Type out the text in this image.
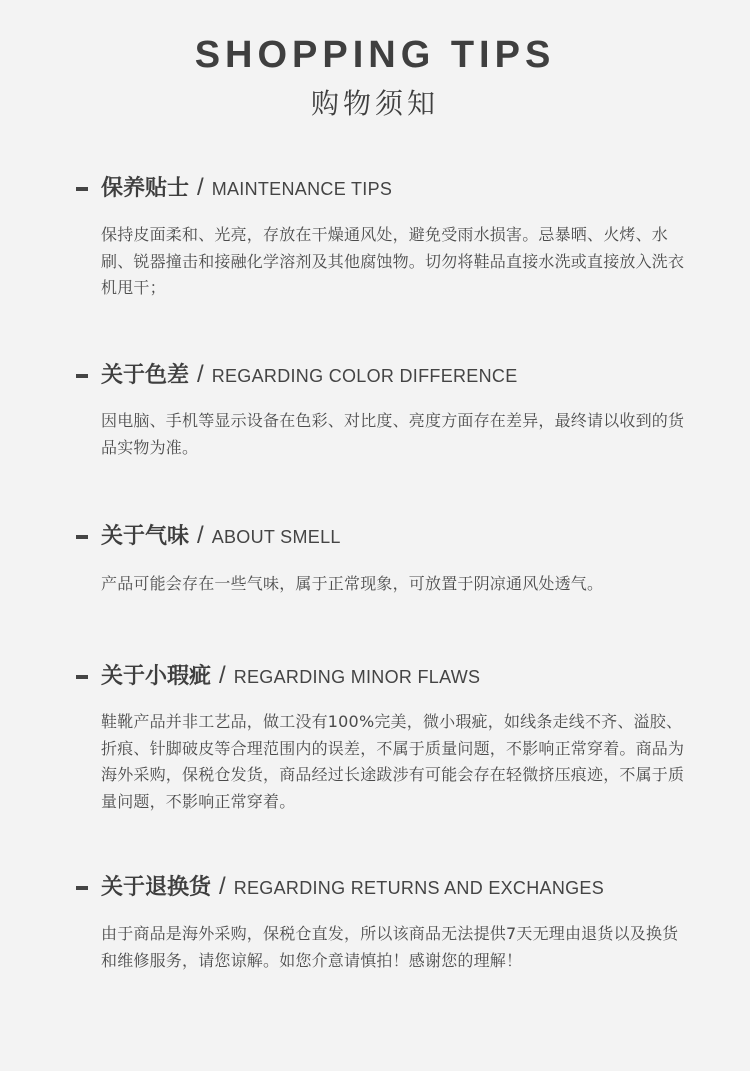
SHOPPING TIPS
购物须知
保养贴士 / MAINTENANCE TIPS
保持皮面柔和、光亮，存放在干燥通风处，避免受雨水损害。忌暴晒、火烤、水刷、锐器撞击和接融化学溶剂及其他腐蚀物。切勿将鞋品直接水洗或直接放入洗衣机甩干；
关于色差 / REGARDING COLOR DIFFERENCE
因电脑、手机等显示设备在色彩、对比度、亮度方面存在差异，最终请以收到的货品实物为准。
关于气味 / ABOUT SMELL
产品可能会存在一些气味，属于正常现象，可放置于阴凉通风处透气。
关于小瑕疵 / REGARDING MINOR FLAWS
鞋靴产品并非工艺品，做工没有100%完美，微小瑕疵，如线条走线不齐、溢胶、折痕、针脚破皮等合理范围内的误差，不属于质量问题，不影响正常穿着。商品为海外采购，保税仓发货，商品经过长途跋涉有可能会存在轻微挤压痕迹，不属于质量问题，不影响正常穿着。
关于退换货 / REGARDING RETURNS AND EXCHANGES
由于商品是海外采购，保税仓直发，所以该商品无法提供7天无理由退货以及换货和维修服务，请您谅解。如您介意请慎拍！感谢您的理解！
